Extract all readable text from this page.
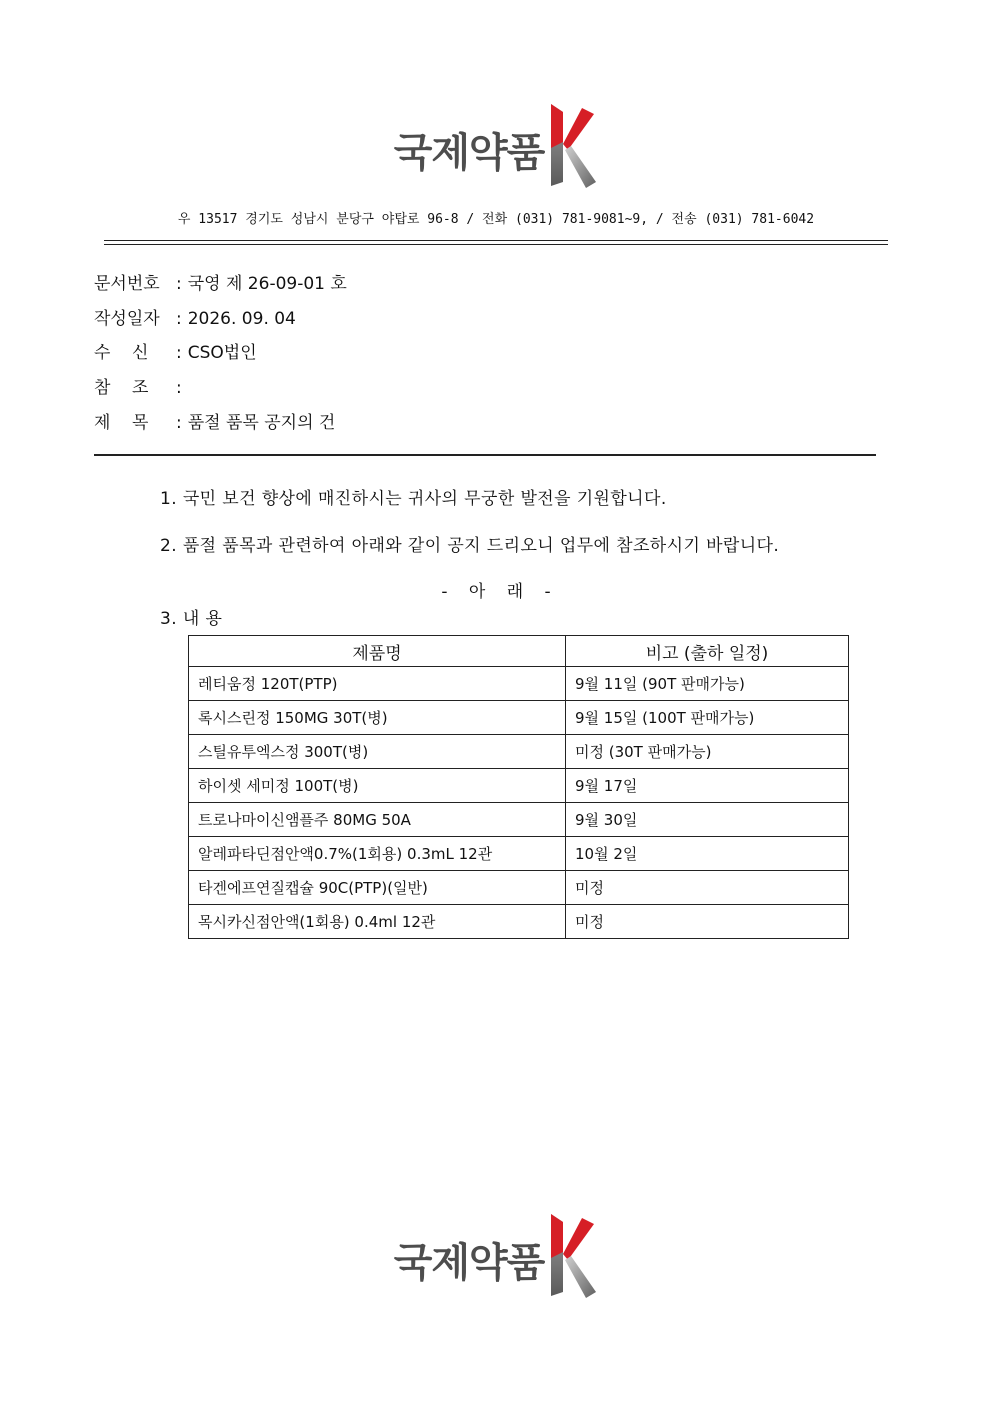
국제약품
우 13517 경기도 성남시 분당구 야탑로 96-8 / 전화 (031) 781-9081~9, / 전송 (031) 781-6042
문서번호 : 국영 제 26-09-01 호
작성일자 : 2026. 09. 04
수    신 : CSO법인
참    조 :
제    목 : 품절 품목 공지의 건
1. 국민 보건 향상에 매진하시는 귀사의 무궁한 발전을 기원합니다.
2. 품절 품목과 관련하여 아래와 같이 공지 드리오니 업무에 참조하시기 바랍니다.
- 아 래 -
3. 내 용
제품명	비고 (출하 일정)
레티움정 120T(PTP)	9월 11일 (90T 판매가능)
록시스린정 150MG 30T(병)	9월 15일 (100T 판매가능)
스틸유투엑스정 300T(병)	미정 (30T 판매가능)
하이셋 세미정 100T(병)	9월 17일
트로나마이신앰플주 80MG 50A	9월 30일
알레파타딘점안액0.7%(1회용) 0.3mL 12관	10월 2일
타겐에프연질캡슐 90C(PTP)(일반)	미정
목시카신점안액(1회용) 0.4ml 12관	미정
국제약품
